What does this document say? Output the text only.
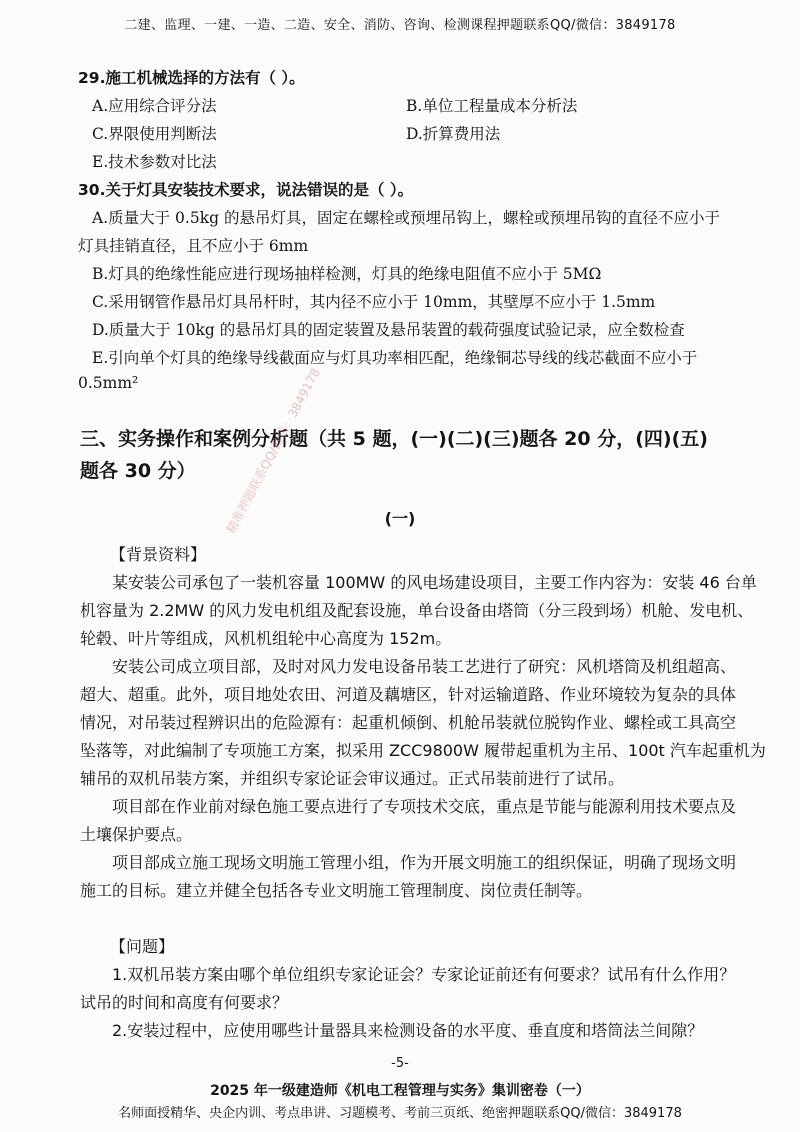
二建、监理、一建、一造、二造、安全、消防、咨询、检测课程押题联系QQ/微信：3849178
29.施工机械选择的方法有（ ）。
A.应用综合评分法	B.单位工程量成本分析法
C.界限使用判断法	D.折算费用法
E.技术参数对比法
30.关于灯具安装技术要求，说法错误的是（ ）。
A.质量大于 0.5kg 的悬吊灯具，固定在螺栓或预埋吊钩上，螺栓或预埋吊钩的直径不应小于
灯具挂销直径，且不应小于 6mm
B.灯具的绝缘性能应进行现场抽样检测，灯具的绝缘电阻值不应小于 5MΩ
C.采用钢管作悬吊灯具吊杆时，其内径不应小于 10mm，其壁厚不应小于 1.5mm
D.质量大于 10kg 的悬吊灯具的固定装置及悬吊装置的载荷强度试验记录，应全数检查
E.引向单个灯具的绝缘导线截面应与灯具功率相匹配，绝缘铜芯导线的线芯截面不应小于
0.5mm²
三、实务操作和案例分析题（共 5 题，(一)(二)(三)题各 20 分，(四)(五)
题各 30 分）
(一)
【背景资料】
某安装公司承包了一装机容量 100MW 的风电场建设项目，主要工作内容为：安装 46 台单
机容量为 2.2MW 的风力发电机组及配套设施，单台设备由塔筒（分三段到场）机舱、发电机、
轮毂、叶片等组成，风机机组轮中心高度为 152m。
安装公司成立项目部，及时对风力发电设备吊装工艺进行了研究：风机塔筒及机组超高、
超大、超重。此外，项目地处农田、河道及藕塘区，针对运输道路、作业环境较为复杂的具体
情况，对吊装过程辨识出的危险源有：起重机倾倒、机舱吊装就位脱钩作业、螺栓或工具高空
坠落等，对此编制了专项施工方案，拟采用 ZCC9800W 履带起重机为主吊、100t 汽车起重机为
辅吊的双机吊装方案，并组织专家论证会审议通过。正式吊装前进行了试吊。
项目部在作业前对绿色施工要点进行了专项技术交底，重点是节能与能源利用技术要点及
土壤保护要点。
项目部成立施工现场文明施工管理小组，作为开展文明施工的组织保证，明确了现场文明
施工的目标。建立并健全包括各专业文明施工管理制度、岗位责任制等。
【问题】
1.双机吊装方案由哪个单位组织专家论证会？专家论证前还有何要求？试吊有什么作用？
试吊的时间和高度有何要求？
2.安装过程中，应使用哪些计量器具来检测设备的水平度、垂直度和塔筒法兰间隙？
-5-
2025 年一级建造师《机电工程管理与实务》集训密卷（一）
名师面授精华、央企内训、考点串讲、习题模考、考前三页纸、绝密押题联系QQ/微信：3849178
精准押题联系QQ/微信：3849178
